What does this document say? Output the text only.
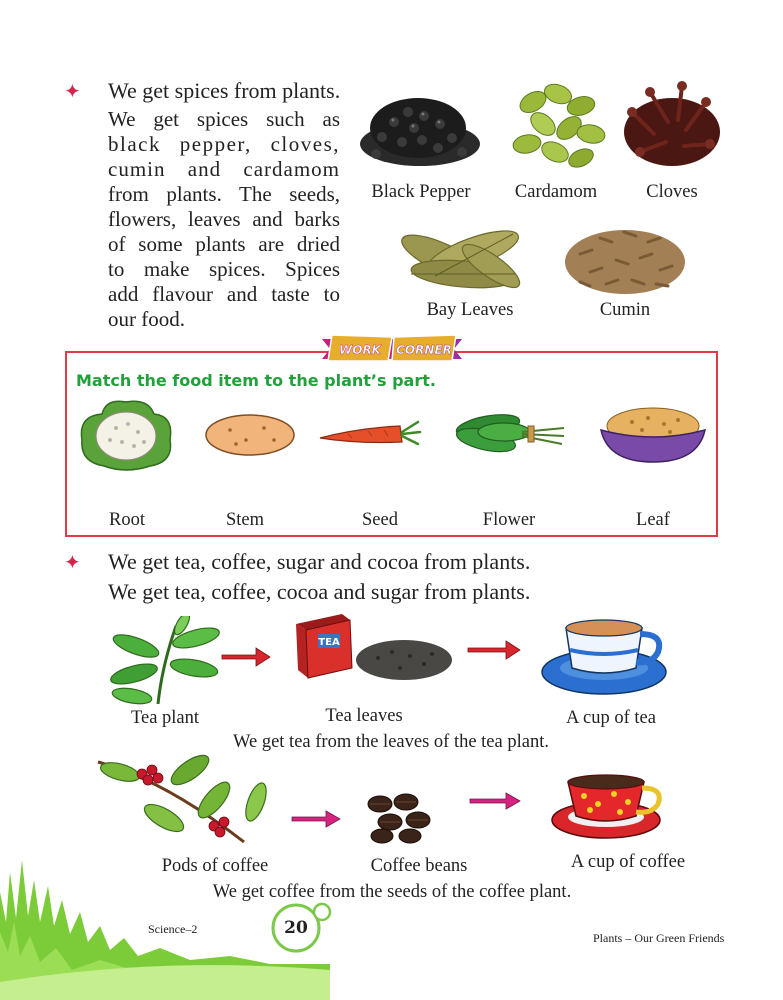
✦ We get spices from plants.
We get spices such as
black pepper, cloves,
cumin and cardamom
from plants. The seeds,
flowers, leaves and barks
of some plants are dried
to make spices. Spices
add flavour and taste to
our food.
Black Pepper	Cardamom	Cloves
Bay Leaves	Cumin
WORK CORNER
Match the food item to the plant’s part.
Root	Stem	Seed	Flower	Leaf
✦ We get tea, coffee, sugar and cocoa from plants.
We get tea, coffee, cocoa and sugar from plants.
TEA
Tea plant	Tea leaves	A cup of tea
We get tea from the leaves of the tea plant.
Pods of coffee	Coffee beans	A cup of coffee
We get coffee from the seeds of the coffee plant.
20
Science–2
Plants – Our Green Friends
